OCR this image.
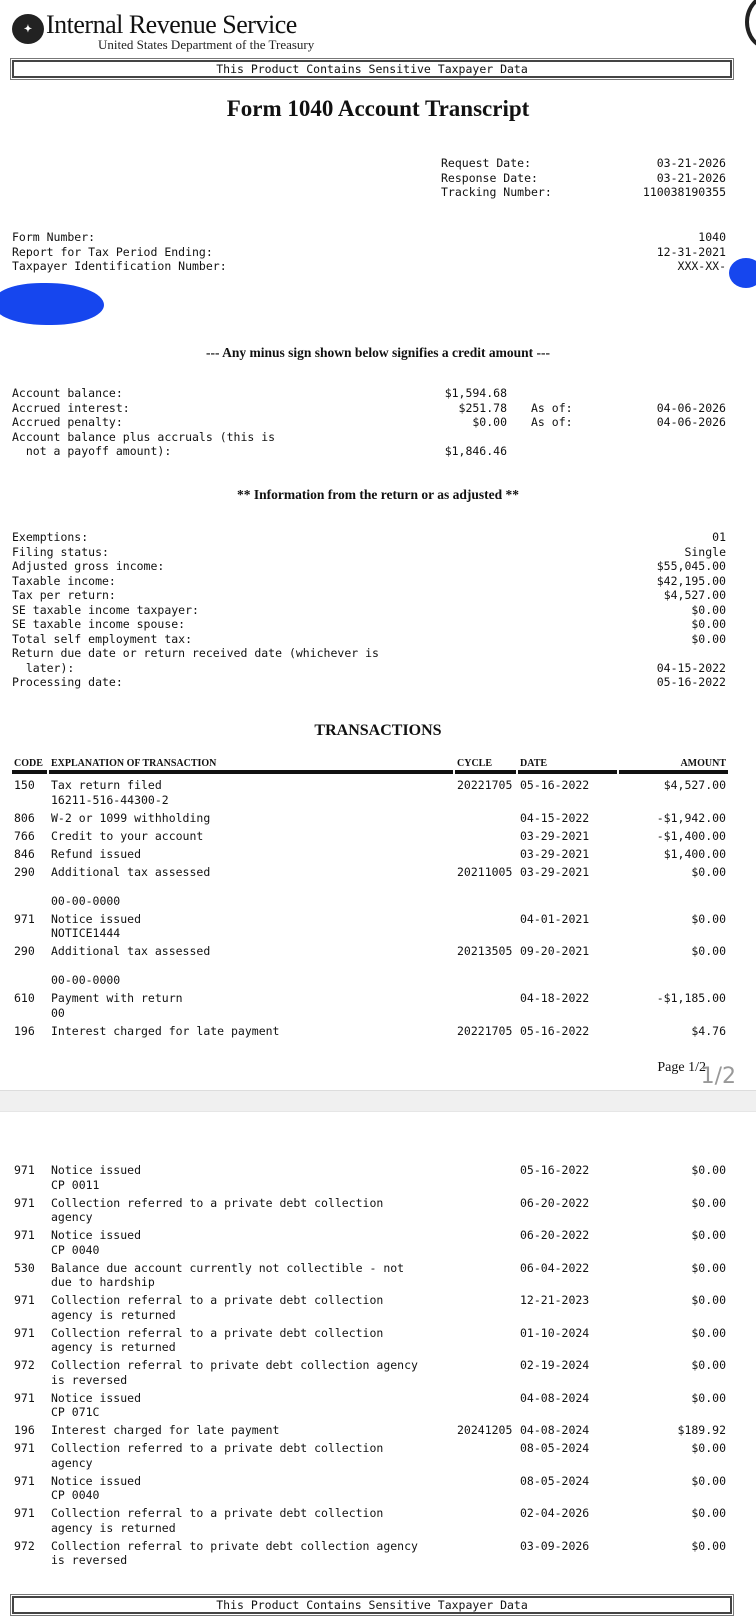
✦ Internal Revenue Service
United States Department of the Treasury
This Product Contains Sensitive Taxpayer Data
Form 1040 Account Transcript
Request Date:	03-21-2026
Response Date:	03-21-2026
Tracking Number:	110038190355
Form Number:	1040
Report for Tax Period Ending:	12-31-2021
Taxpayer Identification Number:	XXX-XX-
--- Any minus sign shown below signifies a credit amount ---
Account balance:	$1,594.68
Accrued interest:	$251.78 As of:	04-06-2026
Accrued penalty:	$0.00 As of:	04-06-2026
Account balance plus accruals (this is
not a payoff amount):	$1,846.46
** Information from the return or as adjusted **
Exemptions:	01
Filing status:	Single
Adjusted gross income:	$55,045.00
Taxable income:	$42,195.00
Tax per return:	$4,527.00
SE taxable income taxpayer:	$0.00
SE taxable income spouse:	$0.00
Total self employment tax:	$0.00
Return due date or return received date (whichever is
later):	04-15-2022
Processing date:	05-16-2022
TRANSACTIONS
CODE EXPLANATION OF TRANSACTION	CYCLE	DATE	AMOUNT
150 Tax return filed
16211-516-44300-2
20221705 05-16-2022	$4,527.00
806 W-2 or 1099 withholding	04-15-2022	-$1,942.00
766 Credit to your account	03-29-2021	-$1,400.00
846 Refund issued	03-29-2021	$1,400.00
290 Additional tax assessed

00-00-0000
20211005 03-29-2021	$0.00
971 Notice issued
NOTICE1444
04-01-2021	$0.00
290 Additional tax assessed

00-00-0000
20213505 09-20-2021	$0.00
610 Payment with return
00
04-18-2022	-$1,185.00
196 Interest charged for late payment	20221705 05-16-2022	$4.76
Page 1/2
1/2
971 Notice issued
CP 0011
05-16-2022	$0.00
971 Collection referred to a private debt collection
agency
06-20-2022	$0.00
971 Notice issued
CP 0040
06-20-2022	$0.00
530 Balance due account currently not collectible - not
due to hardship
06-04-2022	$0.00
971 Collection referral to a private debt collection
agency is returned
12-21-2023	$0.00
971 Collection referral to a private debt collection
agency is returned
01-10-2024	$0.00
972 Collection referral to private debt collection agency
is reversed
02-19-2024	$0.00
971 Notice issued
CP 071C
04-08-2024	$0.00
196 Interest charged for late payment	20241205 04-08-2024	$189.92
971 Collection referred to a private debt collection
agency
08-05-2024	$0.00
971 Notice issued
CP 0040
08-05-2024	$0.00
971 Collection referral to a private debt collection
agency is returned
02-04-2026	$0.00
972 Collection referral to private debt collection agency
is reversed
03-09-2026	$0.00
This Product Contains Sensitive Taxpayer Data
